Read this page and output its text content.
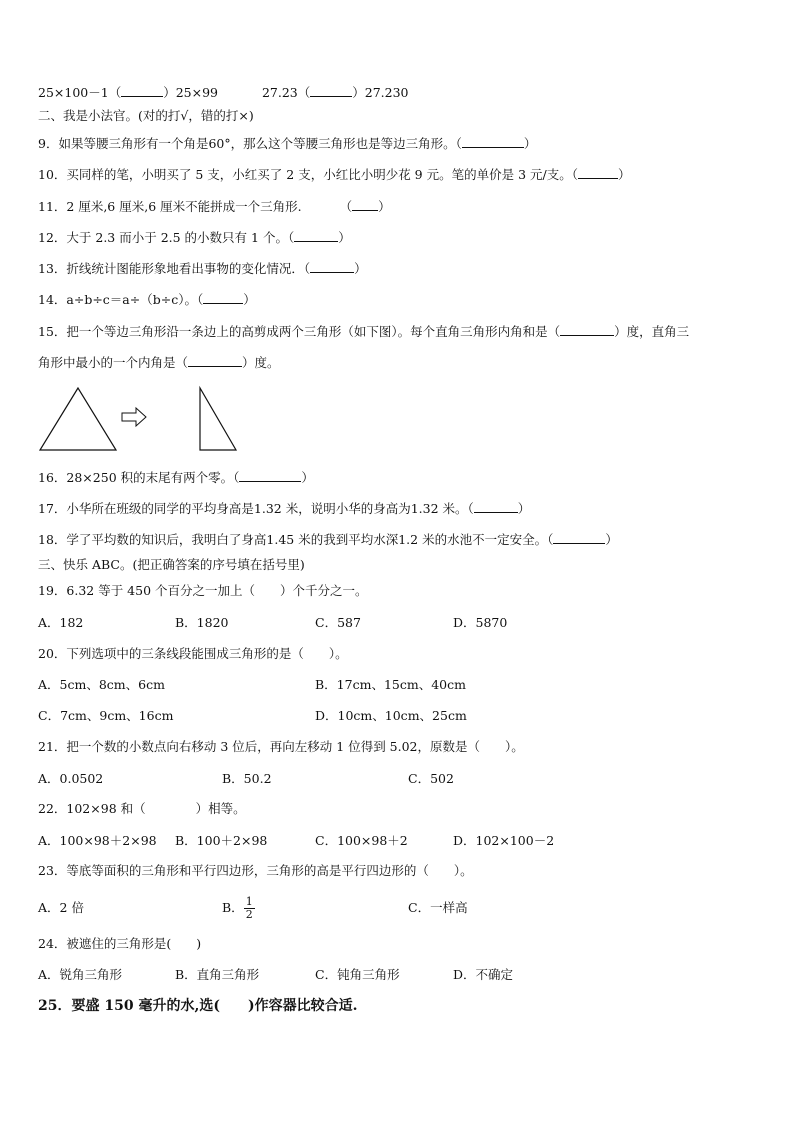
25×100－1（	）25×99	27.23（	）27.230
二、我是小法官。(对的打√，错的打×)
9．如果等腰三角形有一个角是60°，那么这个等腰三角形也是等边三角形。（	）
10．买同样的笔，小明买了 5 支，小红买了 2 支，小红比小明少花 9 元。笔的单价是 3 元/支。（	）
11．2 厘米,6 厘米,6 厘米不能拼成一个三角形.	（ ）
12．大于 2.3 而小于 2.5 的小数只有 1 个。（	）
13．折线统计图能形象地看出事物的变化情况．（	）
14．a÷b÷c＝a÷（b÷c）。（	）
15．把一个等边三角形沿一条边上的高剪成两个三角形（如下图）。每个直角三角形内角和是（	）度，直角三
角形中最小的一个内角是（	）度。
16．28×250 积的末尾有两个零。（	）
17．小华所在班级的同学的平均身高是1.32 米，说明小华的身高为1.32 米。（	）
18．学了平均数的知识后，我明白了身高1.45 米的我到平均水深1.2 米的水池不一定安全。（	）
三、快乐 ABC。(把正确答案的序号填在括号里)
19．6.32 等于 450 个百分之一加上（　　）个千分之一。
A．182	B．1820	C．587	D．5870
20．下列选项中的三条线段能围成三角形的是（　　）。
A．5cm、8cm、6cm	B．17cm、15cm、40cm
C．7cm、9cm、16cm	D．10cm、10cm、25cm
21．把一个数的小数点向右移动 3 位后，再向左移动 1 位得到 5.02，原数是（　　）。
A．0.0502	B．50.2	C．502
22．102×98 和（　　　　）相等。
A．100×98＋2×98 B．100＋2×98	C．100×98＋2	D．102×100－2
23．等底等面积的三角形和平行四边形，三角形的高是平行四边形的（　　）。
A．2 倍	B． $\frac{1}{2}$	C．一样高
24．被遮住的三角形是(　　)
A．锐角三角形	B．直角三角形	C．钝角三角形	D．不确定
25．要盛 150 毫升的水,选(　　)作容器比较合适.
